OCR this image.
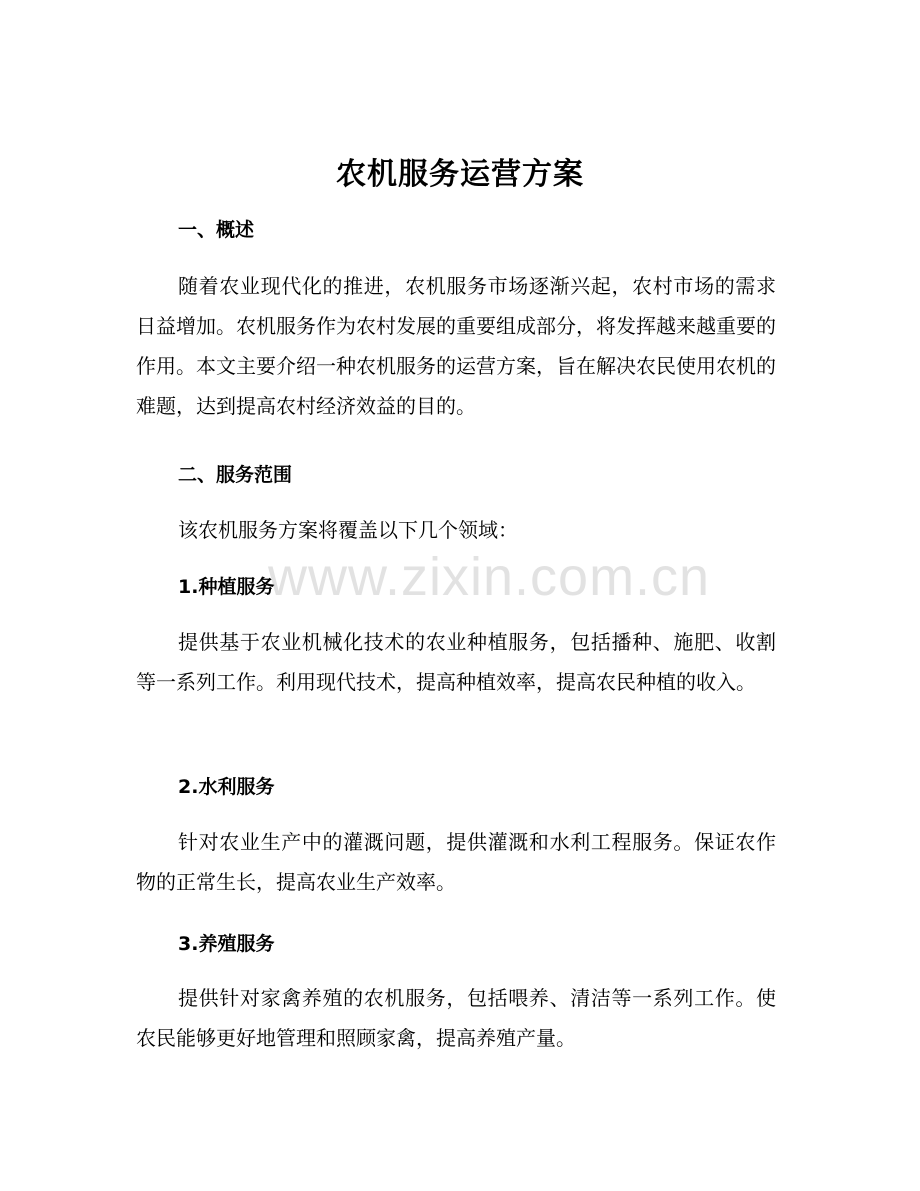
农机服务运营方案
一、概述

随着农业现代化的推进，农机服务市场逐渐兴起，农村市场的需求日益增加。农机服务作为农村发展的重要组成部分，将发挥越来越重要的作用。本文主要介绍一种农机服务的运营方案，旨在解决农民使用农机的难题，达到提高农村经济效益的目的。

二、服务范围
该农机服务方案将覆盖以下几个领域：
1.种植服务

提供基于农业机械化技术的农业种植服务，包括播种、施肥、收割等一系列工作。利用现代技术，提高种植效率，提高农民种植的收入。

2.水利服务

针对农业生产中的灌溉问题，提供灌溉和水利工程服务。保证农作物的正常生长，提高农业生产效率。

3.养殖服务

提供针对家禽养殖的农机服务，包括喂养、清洁等一系列工作。使农民能够更好地管理和照顾家禽，提高养殖产量。

www.zixin.com.cn
